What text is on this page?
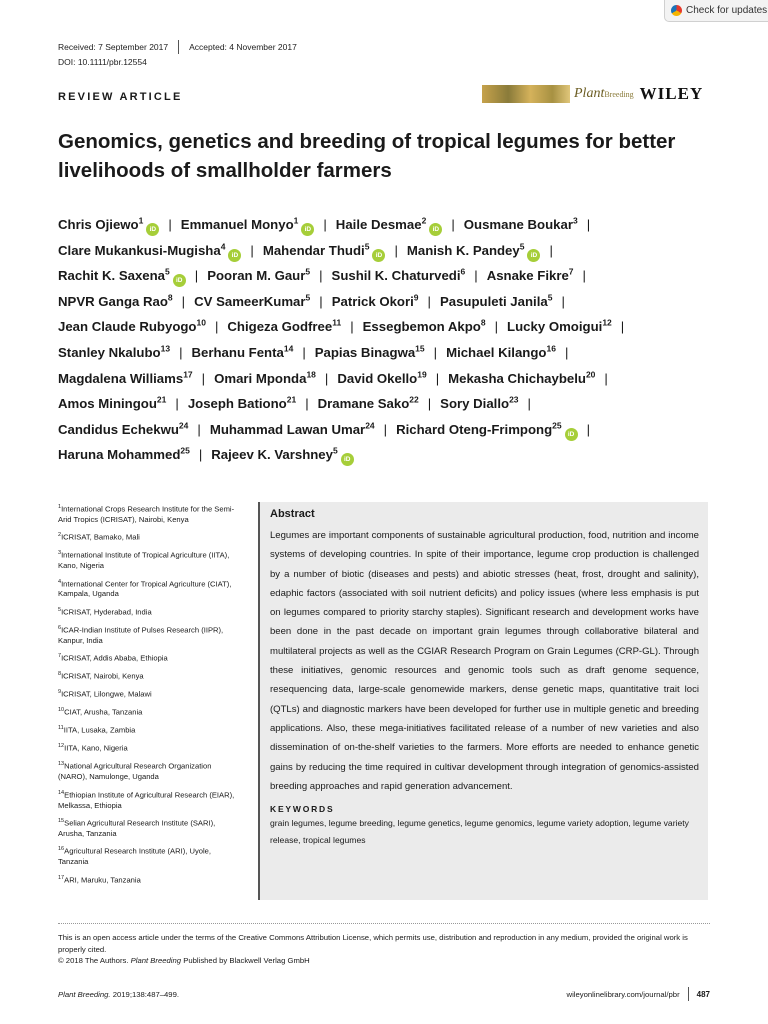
Check for updates
Received: 7 September 2017 Accepted: 4 November 2017
DOI: 10.1111/pbr.12554
REVIEW ARTICLE	PlantBreeding WILEY
Genomics, genetics and breeding of tropical legumes for better livelihoods of smallholder farmers
Chris Ojiewo$^1$iD | Emmanuel Monyo$^1$iD | Haile Desmae$^2$iD | Ousmane Boukar$^3$ |
Clare Mukankusi-Mugisha$^4$iD | Mahendar Thudi$^5$iD | Manish K. Pandey$^5$iD |
Rachit K. Saxena$^5$iD | Pooran M. Gaur$^5$ | Sushil K. Chaturvedi$^6$ | Asnake Fikre$^7$ |
NPVR Ganga Rao$^8$ | CV SameerKumar$^5$ | Patrick Okori$^9$ | Pasupuleti Janila$^5$ |
Jean Claude Rubyogo$^{10}$ | Chigeza Godfree$^{11}$ | Essegbemon Akpo$^8$ | Lucky Omoigui$^{12}$ |
Stanley Nkalubo$^{13}$ | Berhanu Fenta$^{14}$ | Papias Binagwa$^{15}$ | Michael Kilango$^{16}$ |
Magdalena Williams$^{17}$ | Omari Mponda$^{18}$ | David Okello$^{19}$ | Mekasha Chichaybelu$^{20}$ |
Amos Miningou$^{21}$ | Joseph Bationo$^{21}$ | Dramane Sako$^{22}$ | Sory Diallo$^{23}$ |
Candidus Echekwu$^{24}$ | Muhammad Lawan Umar$^{24}$ | Richard Oteng-Frimpong$^{25}$iD |
Haruna Mohammed$^{25}$ | Rajeev K. Varshney$^5$iD
$^1$International Crops Research Institute for the Semi-Arid Tropics (ICRISAT), Nairobi, Kenya
$^2$ICRISAT, Bamako, Mali
$^3$International Institute of Tropical Agriculture (IITA), Kano, Nigeria
$^4$International Center for Tropical Agriculture (CIAT), Kampala, Uganda
$^5$ICRISAT, Hyderabad, India
$^6$ICAR-Indian Institute of Pulses Research (IIPR), Kanpur, India
$^7$ICRISAT, Addis Ababa, Ethiopia
$^8$ICRISAT, Nairobi, Kenya
$^9$ICRISAT, Lilongwe, Malawi
$^{10}$CIAT, Arusha, Tanzania
$^{11}$IITA, Lusaka, Zambia
$^{12}$IITA, Kano, Nigeria
$^{13}$National Agricultural Research Organization (NARO), Namulonge, Uganda
$^{14}$Ethiopian Institute of Agricultural Research (EIAR), Melkassa, Ethiopia
$^{15}$Selian Agricultural Research Institute (SARI), Arusha, Tanzania
$^{16}$Agricultural Research Institute (ARI), Uyole, Tanzania
$^{17}$ARI, Maruku, Tanzania
Abstract
Legumes are important components of sustainable agricultural production, food, nutrition and income systems of developing countries. In spite of their importance, legume crop production is challenged by a number of biotic (diseases and pests) and abiotic stresses (heat, frost, drought and salinity), edaphic factors (associated with soil nutrient deficits) and policy issues (where less emphasis is put on legumes compared to priority starchy staples). Significant research and development works have been done in the past decade on important grain legumes through collaborative bilateral and multilateral projects as well as the CGIAR Research Program on Grain Legumes (CRP-GL). Through these initiatives, genomic resources and genomic tools such as draft genome sequence, resequencing data, large-scale genomewide markers, dense genetic maps, quantitative trait loci (QTLs) and diagnostic markers have been developed for further use in multiple genetic and breeding applications. Also, these mega-initiatives facilitated release of a number of new varieties and also dissemination of on-the-shelf varieties to the farmers. More efforts are needed to enhance genetic gains by reducing the time required in cultivar development through integration of genomics-assisted breeding approaches and rapid generation advancement.
KEYWORDS
grain legumes, legume breeding, legume genetics, legume genomics, legume variety adoption, legume variety release, tropical legumes
This is an open access article under the terms of the Creative Commons Attribution License, which permits use, distribution and reproduction in any medium, provided the original work is properly cited.
© 2018 The Authors. Plant Breeding Published by Blackwell Verlag GmbH
Plant Breeding. 2019;138:487–499.	wileyonlinelibrary.com/journal/pbr 487
